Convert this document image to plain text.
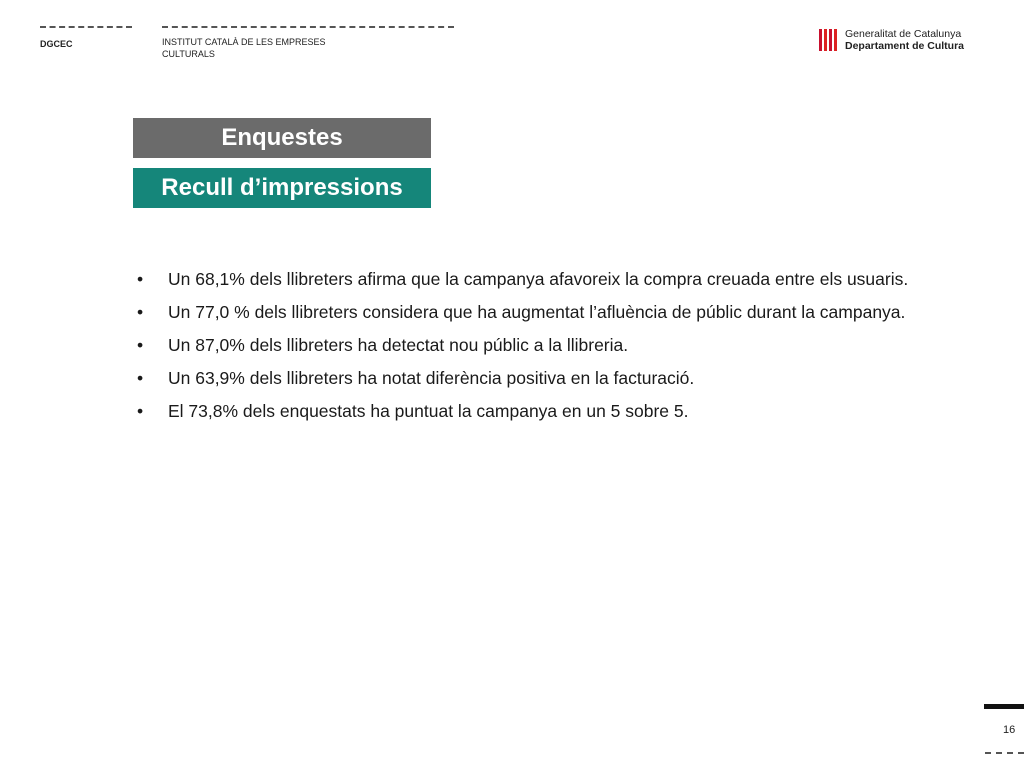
DGCEC	INSTITUT CATALÀ DE LES EMPRESES
CULTURALS
Generalitat de Catalunya
Departament de Cultura
Enquestes
Recull d’impressions
• Un 68,1% dels llibreters afirma que la campanya afavoreix la compra creuada entre els usuaris.
• Un 77,0 % dels llibreters considera que ha augmentat l’afluència de públic durant la campanya.
• Un 87,0% dels llibreters ha detectat nou públic a la llibreria.
• Un 63,9% dels llibreters ha notat diferència positiva en la facturació.
• El 73,8% dels enquestats ha puntuat la campanya en un 5 sobre 5.
16
